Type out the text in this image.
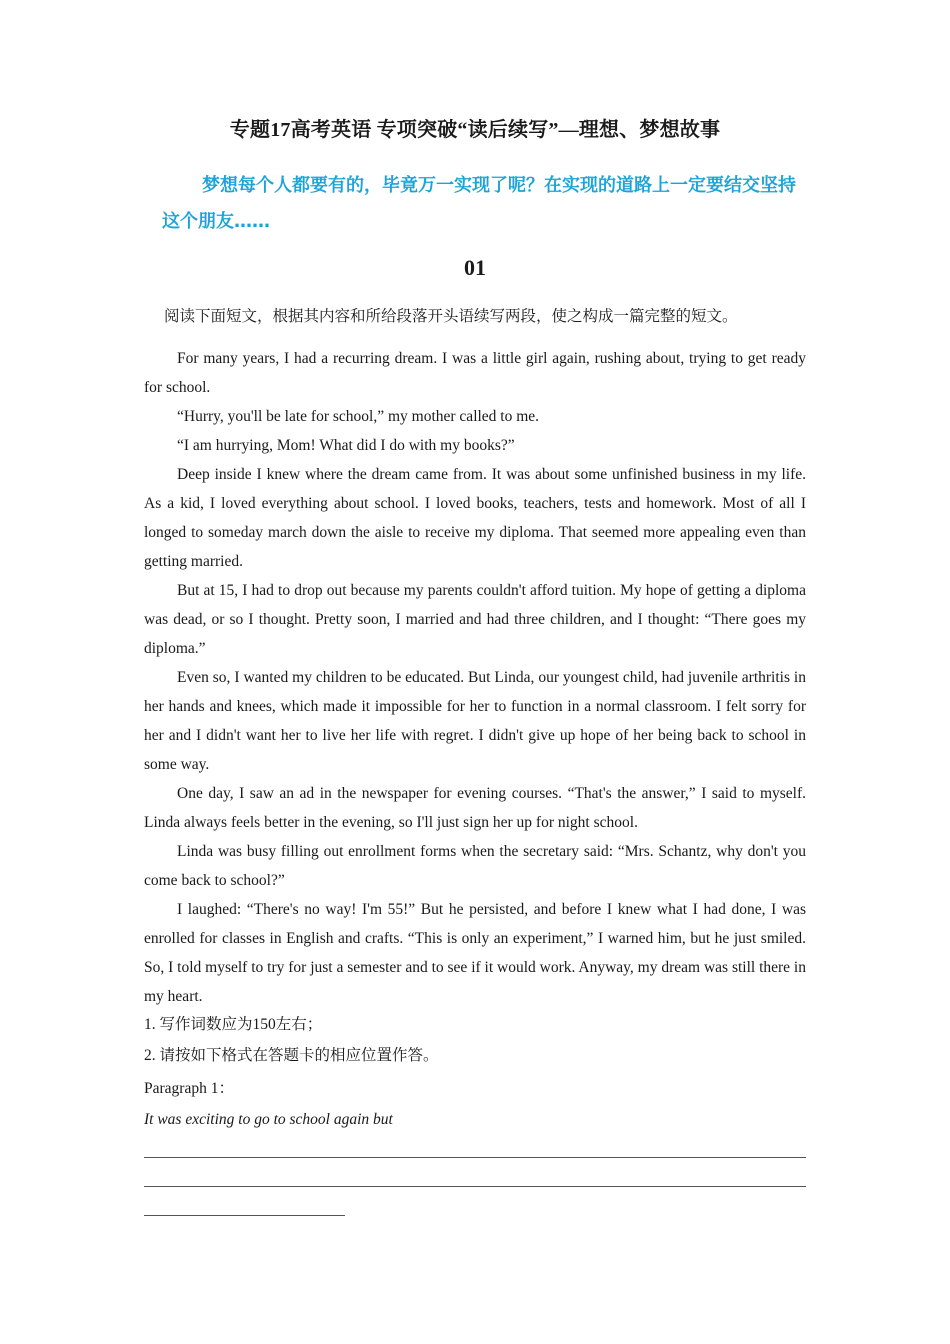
专题17高考英语 专项突破“读后续写”—理想、梦想故事
梦想每个人都要有的，毕竟万一实现了呢？在实现的道路上一定要结交坚持这个朋友……
01
阅读下面短文，根据其内容和所给段落开头语续写两段，使之构成一篇完整的短文。

For many years, I had a recurring dream. I was a little girl again, rushing about, trying to get ready for school.

“Hurry, you'll be late for school,” my mother called to me.

“I am hurrying, Mom! What did I do with my books?”

Deep inside I knew where the dream came from. It was about some unfinished business in my life. As a kid, I loved everything about school. I loved books, teachers, tests and homework. Most of all I longed to someday march down the aisle to receive my diploma. That seemed more appealing even than getting married.

But at 15, I had to drop out because my parents couldn't afford tuition. My hope of getting a diploma was dead, or so I thought. Pretty soon, I married and had three children, and I thought: “There goes my diploma.”

Even so, I wanted my children to be educated. But Linda, our youngest child, had juvenile arthritis in her hands and knees, which made it impossible for her to function in a normal classroom. I felt sorry for her and I didn't want her to live her life with regret. I didn't give up hope of her being back to school in some way.

One day, I saw an ad in the newspaper for evening courses. “That's the answer,” I said to myself. Linda always feels better in the evening, so I'll just sign her up for night school.

Linda was busy filling out enrollment forms when the secretary said: “Mrs. Schantz, why don't you come back to school?”

I laughed: “There's no way! I'm 55!” But he persisted, and before I knew what I had done, I was enrolled for classes in English and crafts. “This is only an experiment,” I warned him, but he just smiled. So, I told myself to try for just a semester and to see if it would work. Anyway, my dream was still there in my heart.

1. 写作词数应为150左右；
2. 请按如下格式在答题卡的相应位置作答。
Paragraph 1：
It was exciting to go to school again but
